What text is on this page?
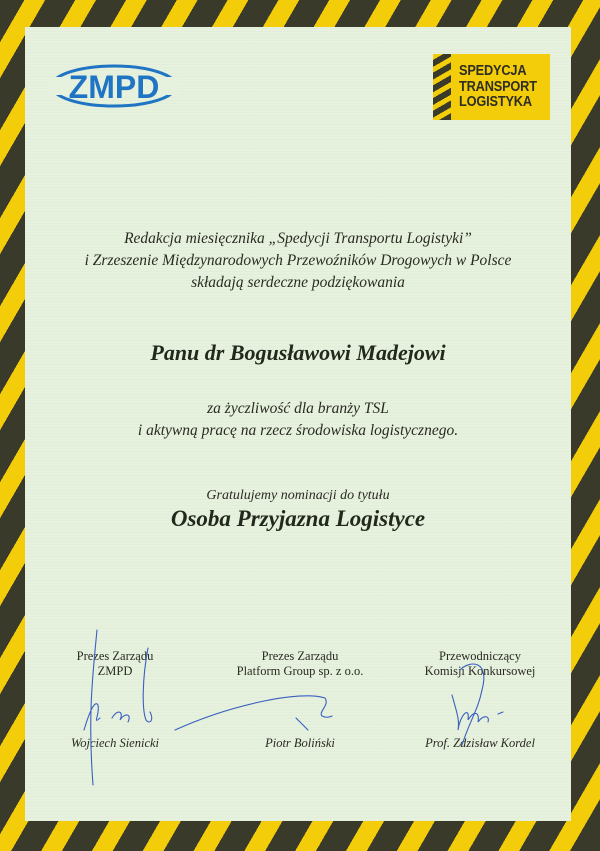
ZMPD	SPEDYCJA
TRANSPORT
LOGISTYKA
Redakcja miesięcznika „Spedycji Transportu Logistyki”
i Zrzeszenie Międzynarodowych Przewoźników Drogowych w Polsce
składają serdeczne podziękowania
Panu dr Bogusławowi Madejowi
za życzliwość dla branży TSL
i aktywną pracę na rzecz środowiska logistycznego.
Gratulujemy nominacji do tytułu
Osoba Przyjazna Logistyce
Prezes Zarządu
ZMPD
Wojciech Sienicki
Prezes Zarządu
Platform Group sp. z o.o.
Piotr Boliński
Przewodniczący
Komisji Konkursowej
Prof. Zdzisław Kordel
